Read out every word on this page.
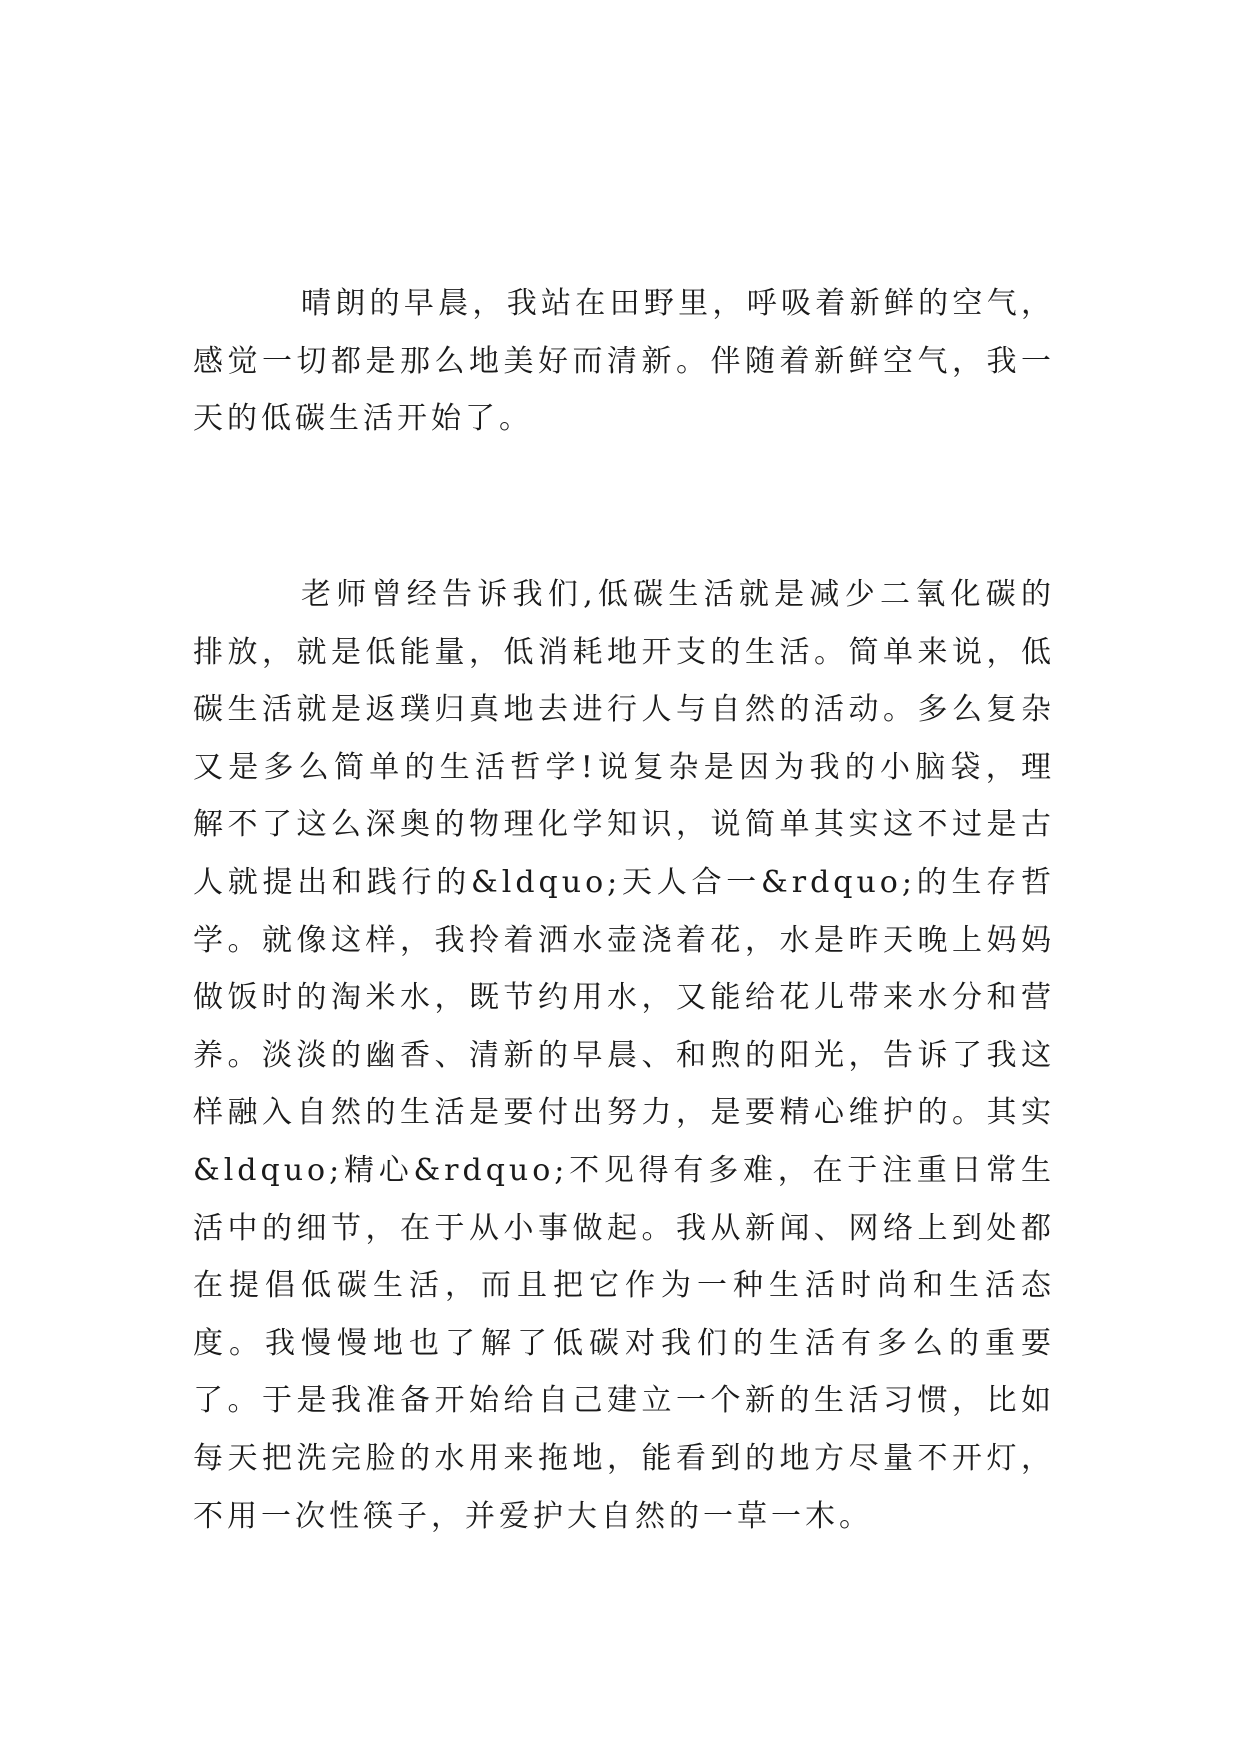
晴朗的早晨，我站在田野里，呼吸着新鲜的空气，感觉一切都是那么地美好而清新。伴随着新鲜空气，我一天的低碳生活开始了。

老师曾经告诉我们,低碳生活就是减少二氧化碳的排放，就是低能量，低消耗地开支的生活。简单来说，低碳生活就是返璞归真地去进行人与自然的活动。多么复杂又是多么简单的生活哲学!说复杂是因为我的小脑袋，理解不了这么深奥的物理化学知识，说简单其实这不过是古人就提出和践行的&ldquo;天人合一&rdquo;的生存哲学。就像这样，我拎着洒水壶浇着花，水是昨天晚上妈妈做饭时的淘米水，既节约用水，又能给花儿带来水分和营养。淡淡的幽香、清新的早晨、和煦的阳光，告诉了我这样融入自然的生活是要付出努力，是要精心维护的。其实&ldquo;精心&rdquo;不见得有多难，在于注重日常生活中的细节，在于从小事做起。我从新闻、网络上到处都在提倡低碳生活，而且把它作为一种生活时尚和生活态度。我慢慢地也了解了低碳对我们的生活有多么的重要了。于是我准备开始给自己建立一个新的生活习惯，比如每天把洗完脸的水用来拖地，能看到的地方尽量不开灯，不用一次性筷子，并爱护大自然的一草一木。
